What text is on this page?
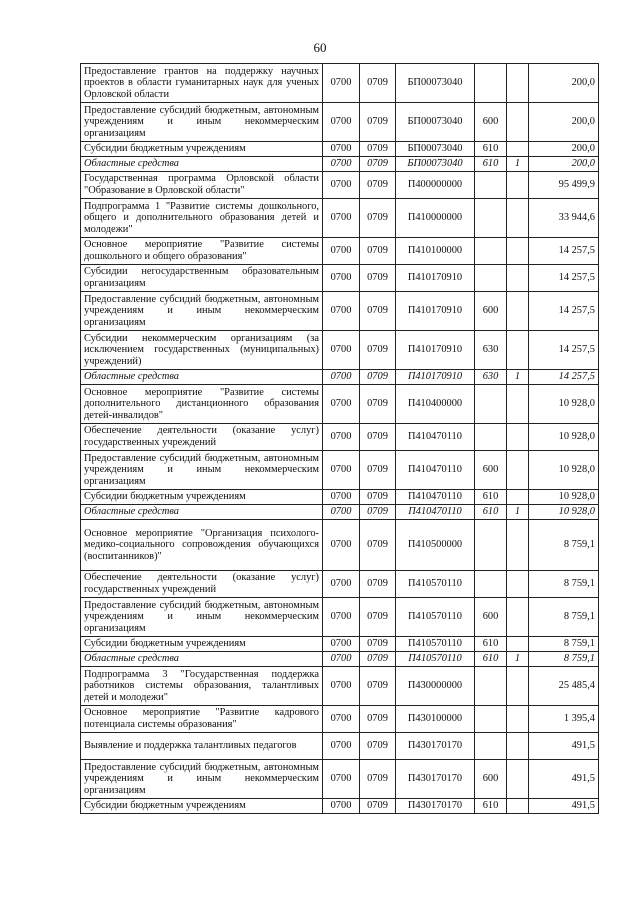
60
Предоставление грантов на поддержку научных проектов в области гуманитарных наук для ученых Орловской области	0700	0709	БП00073040			200,0
Предоставление субсидий бюджетным, автономным учреждениям и иным некоммерческим организациям	0700	0709	БП00073040	600		200,0
Субсидии бюджетным учреждениям	0700	0709	БП00073040	610		200,0
Областные средства	0700	0709	БП00073040	610	1	200,0
Государственная программа Орловской области "Образование в Орловской области"	0700	0709	П400000000			95 499,9
Подпрограмма 1 "Развитие системы дошкольного, общего и дополнительного образования детей и молодежи"	0700	0709	П410000000			33 944,6
Основное мероприятие "Развитие системы дошкольного и общего образования"	0700	0709	П410100000			14 257,5
Субсидии негосударственным образовательным организациям	0700	0709	П410170910			14 257,5
Предоставление субсидий бюджетным, автономным учреждениям и иным некоммерческим организациям	0700	0709	П410170910	600		14 257,5
Субсидии некоммерческим организациям (за исключением государственных (муниципальных) учреждений)	0700	0709	П410170910	630		14 257,5
Областные средства	0700	0709	П410170910	630	1	14 257,5
Основное мероприятие "Развитие системы дополнительного дистанционного образования детей-инвалидов"	0700	0709	П410400000			10 928,0
Обеспечение деятельности (оказание услуг) государственных учреждений	0700	0709	П410470110			10 928,0
Предоставление субсидий бюджетным, автономным учреждениям и иным некоммерческим организациям	0700	0709	П410470110	600		10 928,0
Субсидии бюджетным учреждениям	0700	0709	П410470110	610		10 928,0
Областные средства	0700	0709	П410470110	610	1	10 928,0
Основное мероприятие "Организация психолого-медико-социального сопровождения обучающихся (воспитанников)"	0700	0709	П410500000			8 759,1
Обеспечение деятельности (оказание услуг) государственных учреждений	0700	0709	П410570110			8 759,1
Предоставление субсидий бюджетным, автономным учреждениям и иным некоммерческим организациям	0700	0709	П410570110	600		8 759,1
Субсидии бюджетным учреждениям	0700	0709	П410570110	610		8 759,1
Областные средства	0700	0709	П410570110	610	1	8 759,1
Подпрограмма 3 "Государственная поддержка работников системы образования, талантливых детей и молодежи"	0700	0709	П430000000			25 485,4
Основное мероприятие "Развитие кадрового потенциала системы образования"	0700	0709	П430100000			1 395,4
Выявление и поддержка талантливых педагогов	0700	0709	П430170170			491,5
Предоставление субсидий бюджетным, автономным учреждениям и иным некоммерческим организациям	0700	0709	П430170170	600		491,5
Субсидии бюджетным учреждениям	0700	0709	П430170170	610		491,5
